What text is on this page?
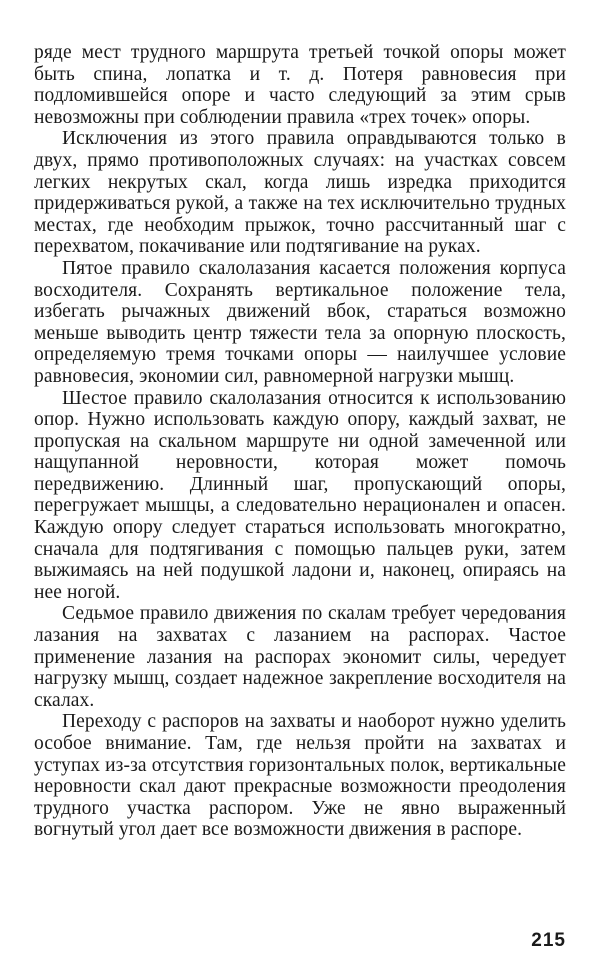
ряде мест трудного маршрута третьей точкой опоры может быть спина, лопатка и т. д. Потеря равновесия при подломившейся опоре и часто следующий за этим срыв невозможны при соблюдении правила «трех точек» опоры.

Исключения из этого правила оправдываются только в двух, прямо противоположных случаях: на участках совсем легких некрутых скал, когда лишь изредка приходится придерживаться рукой, а также на тех исключительно трудных местах, где необходим прыжок, точно рассчитанный шаг с перехватом, покачивание или подтягивание на руках.

Пятое правило скалолазания касается положения корпуса восходителя. Сохранять вертикальное положение тела, избегать рычажных движений вбок, стараться возможно меньше выводить центр тяжести тела за опорную плоскость, определяемую тремя точками опоры — наилучшее условие равновесия, экономии сил, равномерной нагрузки мышц.

Шестое правило скалолазания относится к использованию опор. Нужно использовать каждую опору, каждый захват, не пропуская на скальном маршруте ни одной замеченной или нащупанной неровности, которая может помочь передвижению. Длинный шаг, пропускающий опоры, перегружает мышцы, а следовательно нерационален и опасен. Каждую опору следует стараться использовать многократно, сначала для подтягивания с помощью пальцев руки, затем выжимаясь на ней подушкой ладони и, наконец, опираясь на нее ногой.

Седьмое правило движения по скалам требует чередования лазания на захватах с лазанием на распорах. Частое применение лазания на распорах экономит силы, чередует нагрузку мышц, создает надежное закрепление восходителя на скалах.

Переходу с распоров на захваты и наоборот нужно уделить особое внимание. Там, где нельзя пройти на захватах и уступах из-за отсутствия горизонтальных полок, вертикальные неровности скал дают прекрасные возможности преодоления трудного участка распором. Уже не явно выраженный вогнутый угол дает все возможности движения в распоре.

215
